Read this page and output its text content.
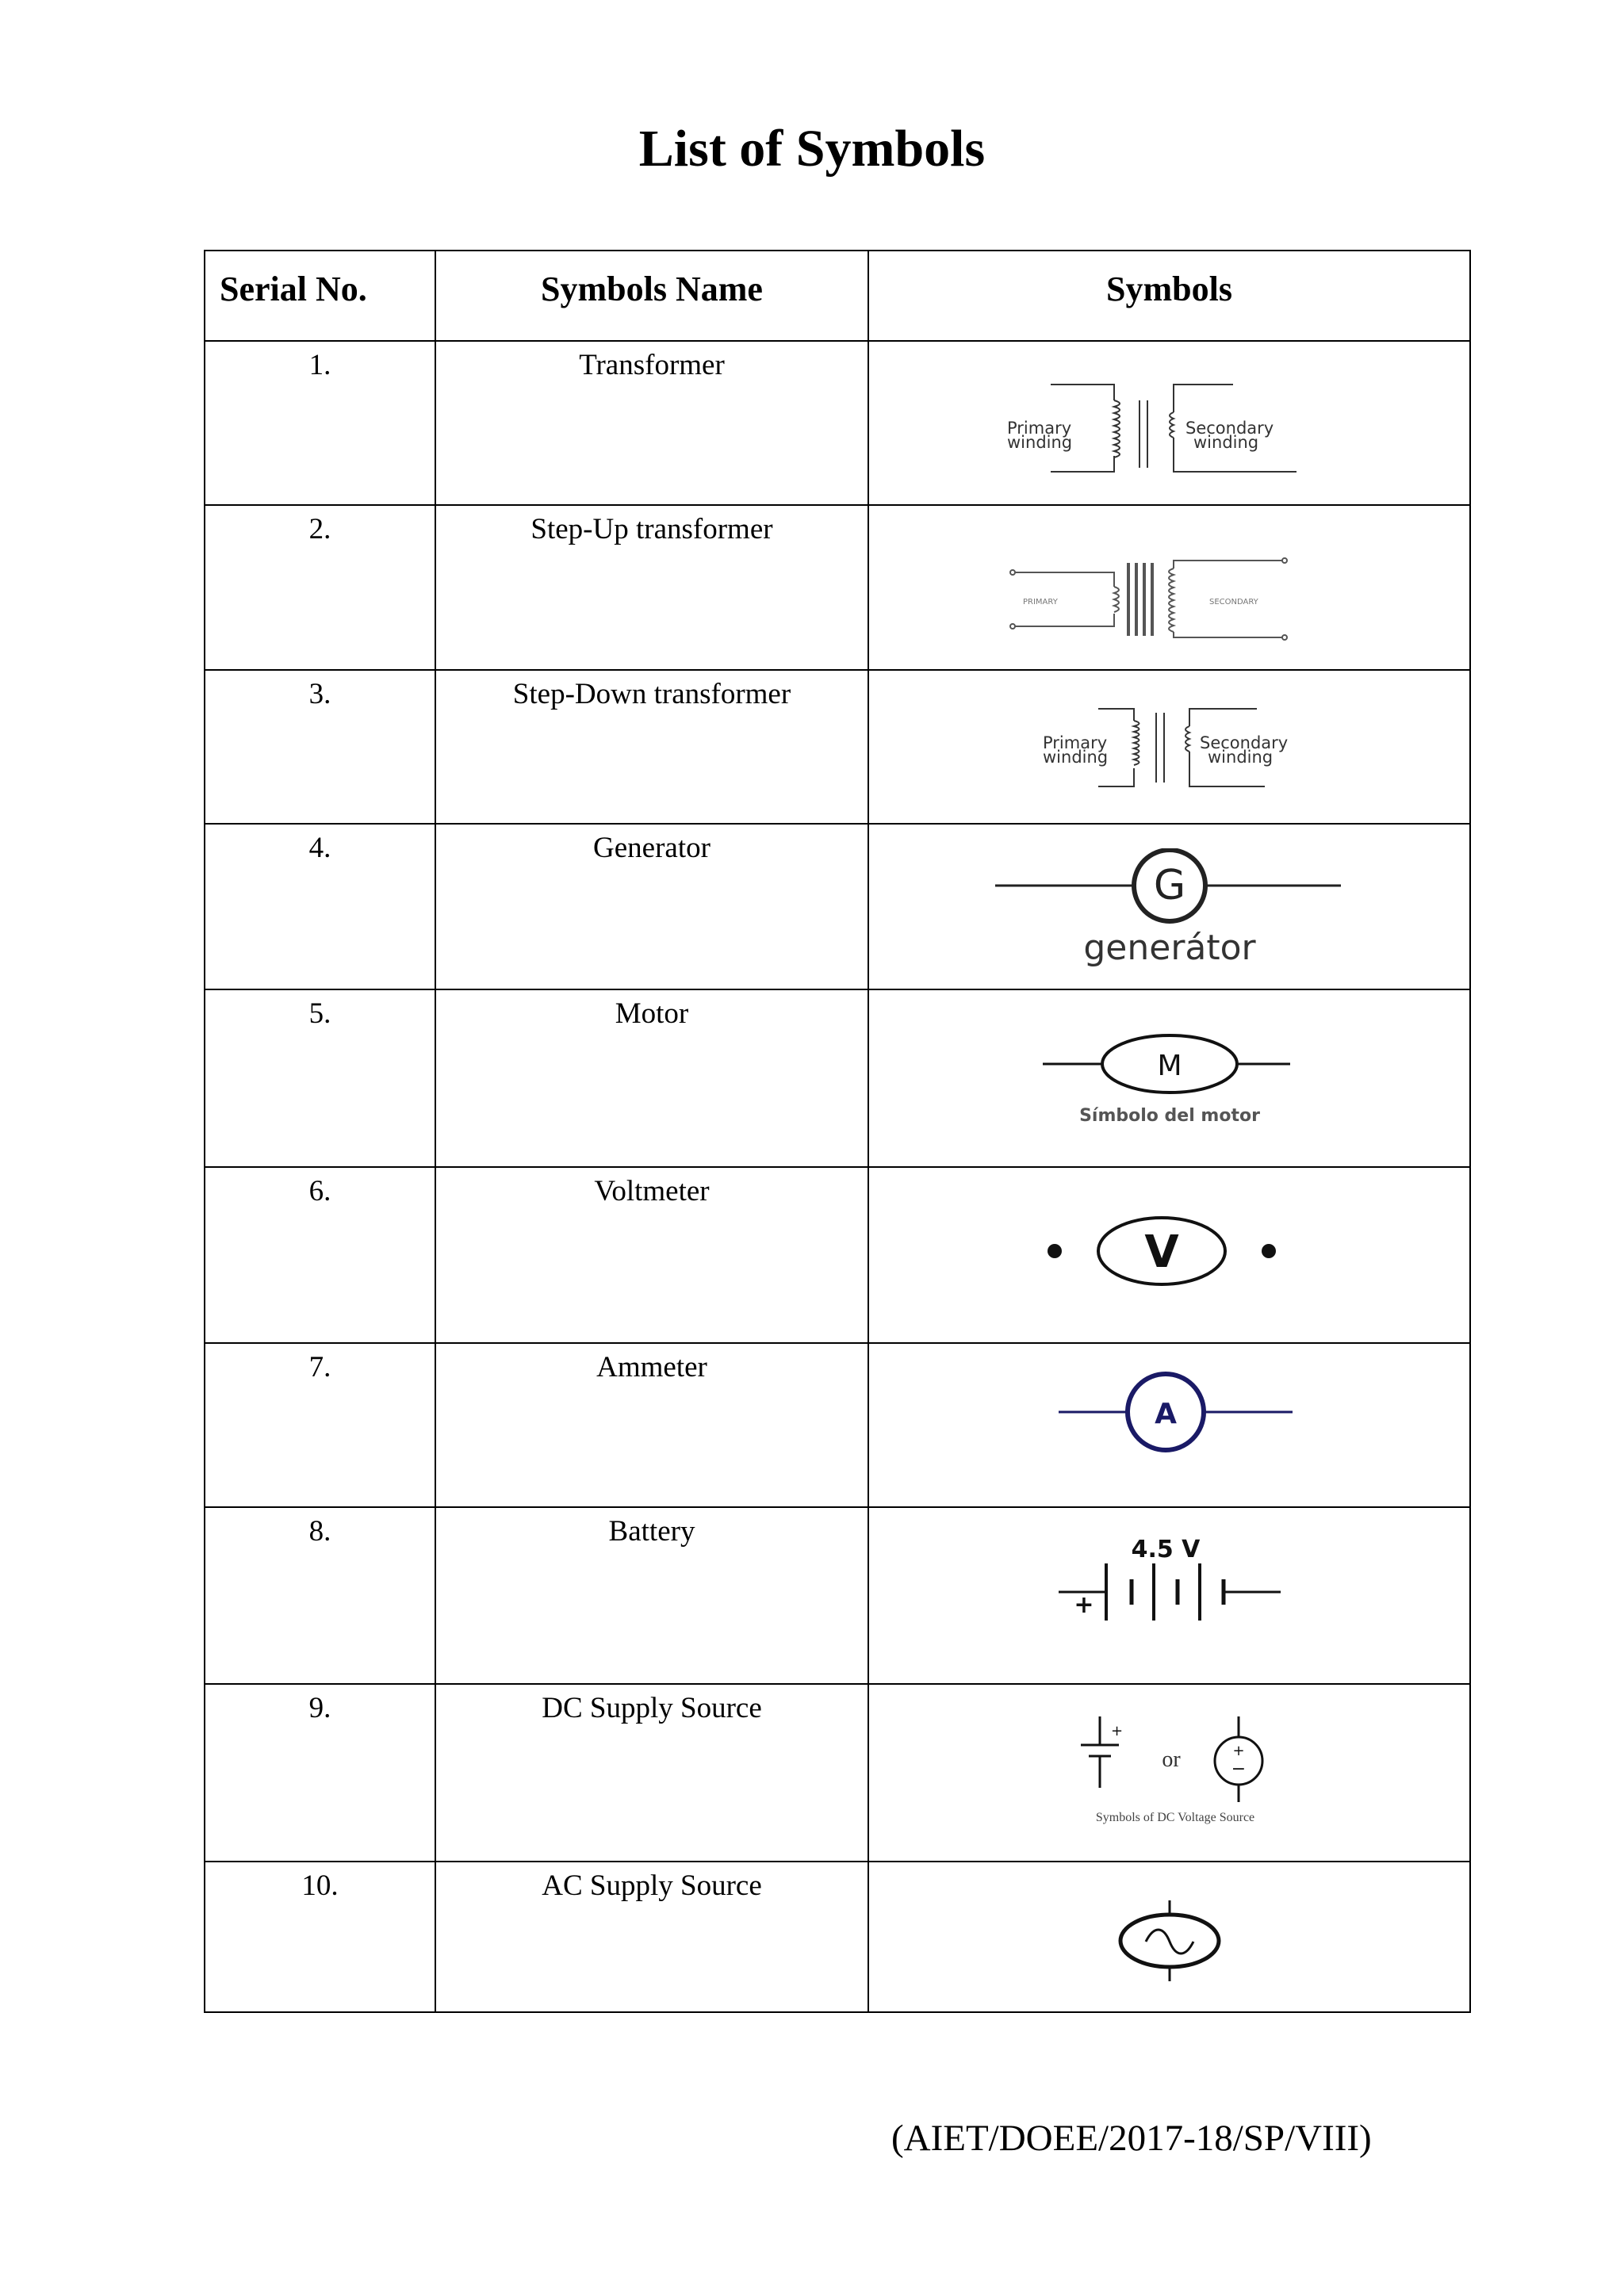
List of Symbols
Serial No.	Symbols Name	Symbols

1.	Transformer	Primary
winding
Secondary
winding

2.	Step-Up transformer	PRIMARY SECONDARY

3.	Step-Down transformer	Primary
winding
Secondary
winding

4.	Generator	G
generátor

5.	Motor	M
Símbolo del motor

6.	Voltmeter	V

7.	Ammeter	A

8.	Battery	4.5 V
+

9.	DC Supply Source	+
or +
−
Symbols of DC Voltage Source

10.	AC Supply Source

(AIET/DOEE/2017-18/SP/VIII)
